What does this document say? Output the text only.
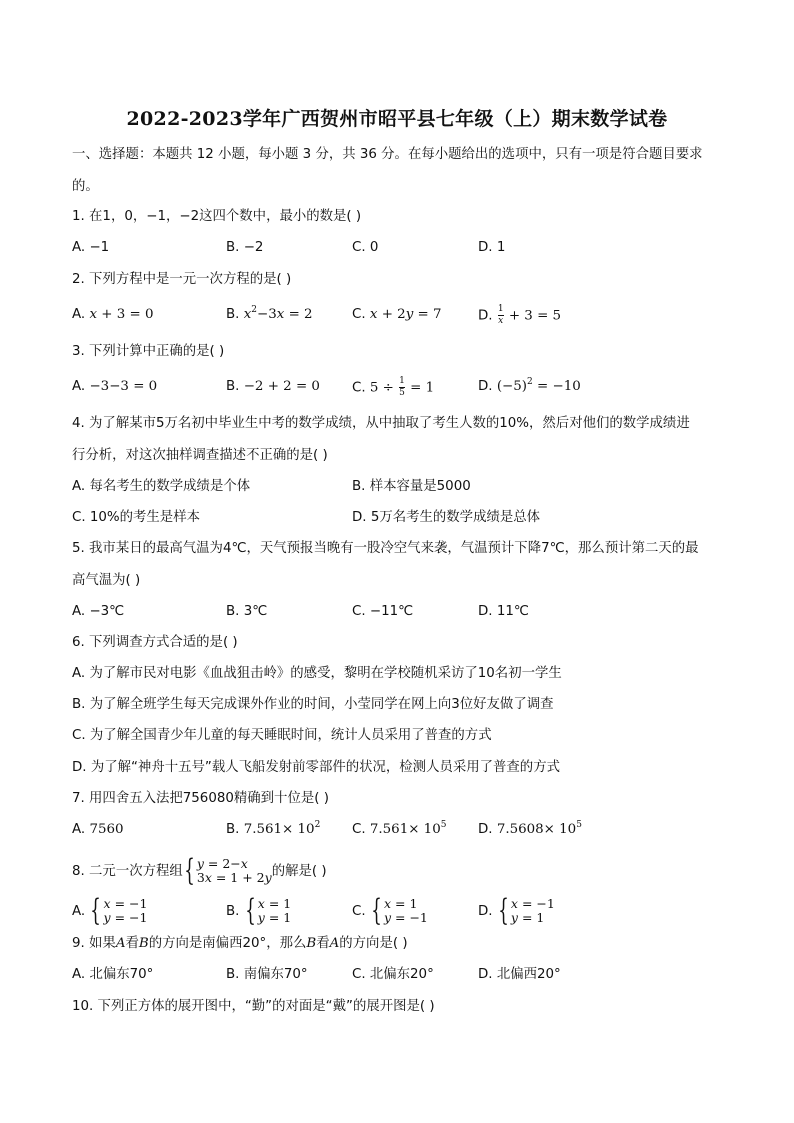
2022-2023学年广西贺州市昭平县七年级（上）期末数学试卷
一、选择题：本题共 12 小题，每小题 3 分，共 36 分。在每小题给出的选项中，只有一项是符合题目要求
的。
1. 在1，0，−1，−2这四个数中，最小的数是( )
A. −1	B. −2	C. 0	D. 1
2. 下列方程中是一元一次方程的是( )
A. x + 3 = 0	B. $x^2-3x = 2$	C. x + 2y = 7	D. $\frac{1}{x} + 3 = 5$
3. 下列计算中正确的是( )
A. −3−3 = 0	B. −2 + 2 = 0 C. $5 \div \frac{1}{5} = 1$	D. $(-5)^2 = -10$
4. 为了解某市5万名初中毕业生中考的数学成绩，从中抽取了考生人数的10%，然后对他们的数学成绩进
行分析，对这次抽样调查描述不正确的是( )
A. 每名考生的数学成绩是个体	B. 样本容量是5000
C. 10%的考生是样本	D. 5万名考生的数学成绩是总体
5. 我市某日的最高气温为4℃，天气预报当晚有一股冷空气来袭，气温预计下降7℃，那么预计第二天的最
高气温为( )
A. −3℃	B. 3℃	C. −11℃	D. 11℃
6. 下列调查方式合适的是( )
A. 为了解市民对电影《血战狙击岭》的感受，黎明在学校随机采访了10名初一学生
B. 为了解全班学生每天完成课外作业的时间，小莹同学在网上向3位好友做了调查
C. 为了解全国青少年儿童的每天睡眠时间，统计人员采用了普查的方式
D. 为了解“神舟十五号”载人飞船发射前零部件的状况，检测人员采用了普查的方式
7. 用四舍五入法把756080精确到十位是( )
A. 7560	B. $7.561\times 10^2$ C. $7.561\times 10^5$ D. $7.5608\times 10^5$
8. 二元一次方程组 { y = 2−x
3x = 1 + 2y 的解是( )
A. { x = −1
y = −1	B. { x = 1
y = 1	C. { x = 1
y = −1	D. { x = −1
y = 1
9. 如果A看B的方向是南偏西20°，那么B看A的方向是( )
A. 北偏东70°	B. 南偏东70°	C. 北偏东20°	D. 北偏西20°
10. 下列正方体的展开图中，“勤”的对面是“戴”的展开图是( )
